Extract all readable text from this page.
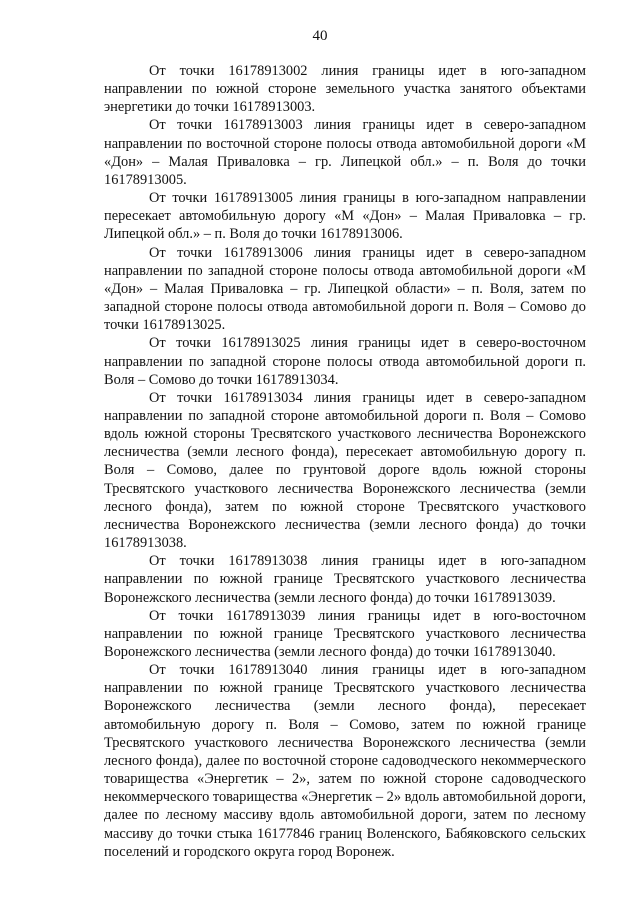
40

От точки 16178913002 линия границы идет в юго-западном направлении по южной стороне земельного участка занятого объектами энергетики до точки 16178913003.

От точки 16178913003 линия границы идет в северо-западном направлении по восточной стороне полосы отвода автомобильной дороги «М «Дон» – Малая Приваловка – гр. Липецкой обл.» – п. Воля до точки 16178913005.

От точки 16178913005 линия границы в юго-западном направлении пересекает автомобильную дорогу «М «Дон» – Малая Приваловка – гр. Липецкой обл.» – п. Воля до точки 16178913006.

От точки 16178913006 линия границы идет в северо-западном направлении по западной стороне полосы отвода автомобильной дороги «М «Дон» – Малая Приваловка – гр. Липецкой области» – п. Воля, затем по западной стороне полосы отвода автомобильной дороги п. Воля – Сомово до точки 16178913025.

От точки 16178913025 линия границы идет в северо-восточном направлении по западной стороне полосы отвода автомобильной дороги п. Воля – Сомово до точки 16178913034.

От точки 16178913034 линия границы идет в северо-западном направлении по западной стороне автомобильной дороги п. Воля – Сомово вдоль южной стороны Тресвятского участкового лесничества Воронежского лесничества (земли лесного фонда), пересекает автомобильную дорогу п. Воля – Сомово, далее по грунтовой дороге вдоль южной стороны Тресвятского участкового лесничества Воронежского лесничества (земли лесного фонда), затем по южной стороне Тресвятского участкового лесничества Воронежского лесничества (земли лесного фонда) до точки 16178913038.

От точки 16178913038 линия границы идет в юго-западном направлении по южной границе Тресвятского участкового лесничества Воронежского лесничества (земли лесного фонда) до точки 16178913039.

От точки 16178913039 линия границы идет в юго-восточном направлении по южной границе Тресвятского участкового лесничества Воронежского лесничества (земли лесного фонда) до точки 16178913040.

От точки 16178913040 линия границы идет в юго-западном направлении по южной границе Тресвятского участкового лесничества Воронежского лесничества (земли лесного фонда), пересекает автомобильную дорогу п. Воля – Сомово, затем по южной границе Тресвятского участкового лесничества Воронежского лесничества (земли лесного фонда), далее по восточной стороне садоводческого некоммерческого товарищества «Энергетик – 2», затем по южной стороне садоводческого некоммерческого товарищества «Энергетик – 2» вдоль автомобильной дороги, далее по лесному массиву вдоль автомобильной дороги, затем по лесному массиву до точки стыка 16177846 границ Воленского, Бабяковского сельских поселений и городского округа город Воронеж.
